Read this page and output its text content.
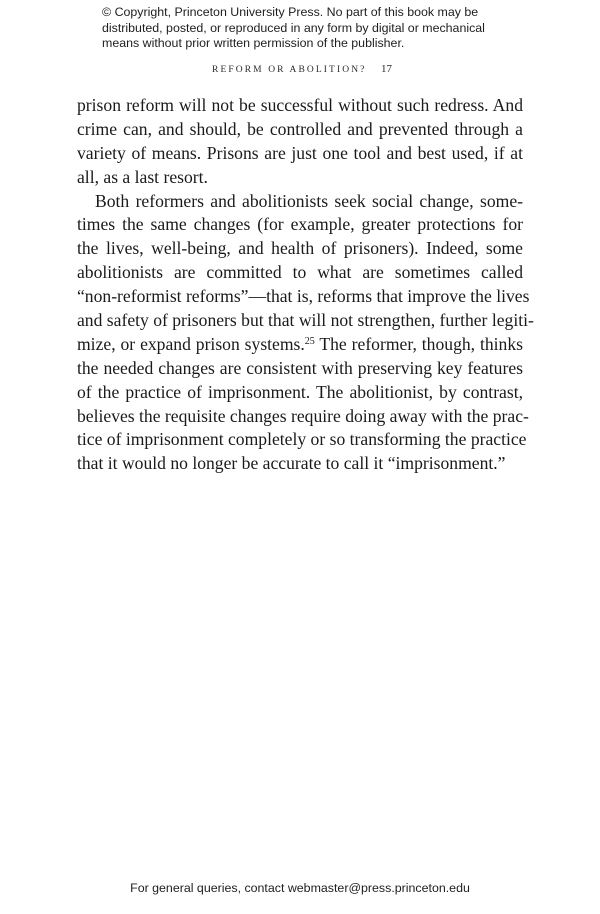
© Copyright, Princeton University Press. No part of this book may be
distributed, posted, or reproduced in any form by digital or mechanical
means without prior written permission of the publisher.
REFORM OR ABOLITION? 17
prison reform will not be successful without such redress. And
crime can, and should, be controlled and prevented through a
variety of means. Prisons are just one tool and best used, if at
all, as a last resort.
Both reformers and abolitionists seek social change, some-
times the same changes (for example, greater protections for
the lives, well-being, and health of prisoners). Indeed, some
abolitionists are committed to what are sometimes called
“non-reformist reforms”—that is, reforms that improve the lives
and safety of prisoners but that will not strengthen, further legiti-
mize, or expand prison systems.$^{25}$ The reformer, though, thinks
the needed changes are consistent with preserving key features
of the practice of imprisonment. The abolitionist, by contrast,
believes the requisite changes require doing away with the prac-
tice of imprisonment completely or so transforming the practice
that it would no longer be accurate to call it “imprisonment.”
For general queries, contact webmaster@press.princeton.edu
